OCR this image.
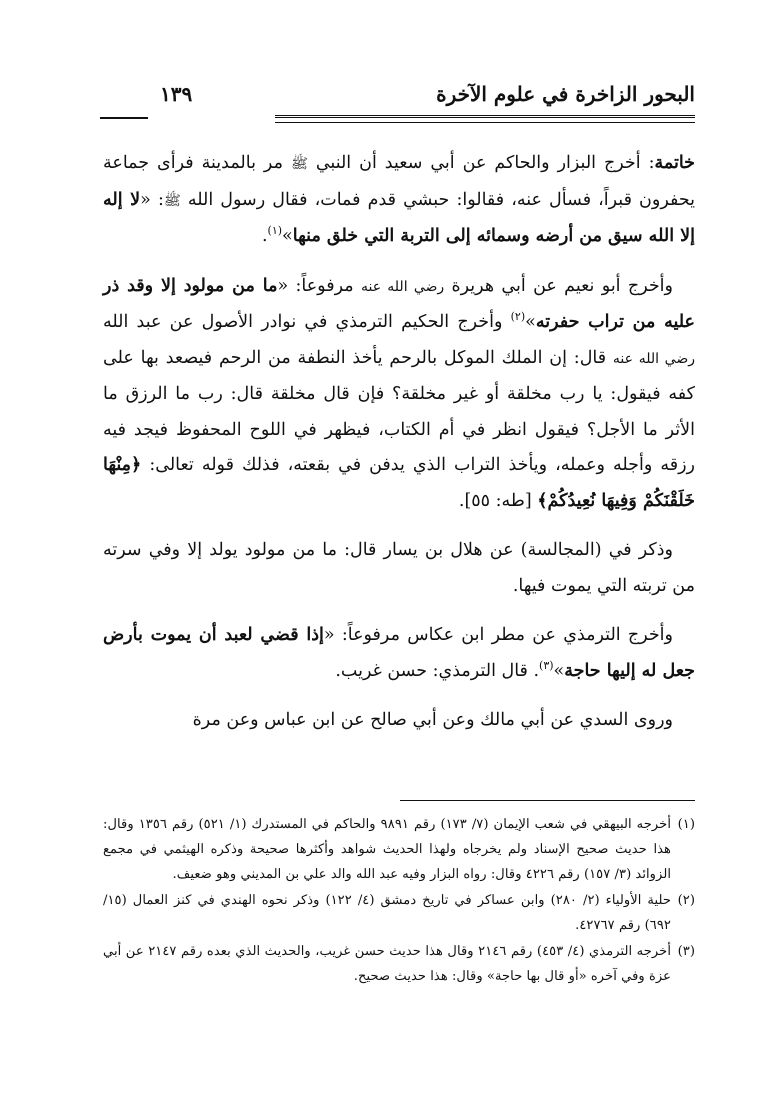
البحور الزاخرة في علوم الآخرة
١٣٩

خاتمة: أخرج البزار والحاكم عن أبي سعيد أن النبي ﷺ مر بالمدينة فرأى جماعة يحفرون قبراً، فسأل عنه، فقالوا: حبشي قدم فمات، فقال رسول الله ﷺ: «لا إله إلا الله سيق من أرضه وسمائه إلى التربة التي خلق منها»$^{(١)}$.

وأخرج أبو نعيم عن أبي هريرة رضي الله عنه مرفوعاً: «ما من مولود إلا وقد ذر عليه من تراب حفرته»$^{(٢)}$ وأخرج الحكيم الترمذي في نوادر الأصول عن عبد الله رضي الله عنه قال: إن الملك الموكل بالرحم يأخذ النطفة من الرحم فيصعد بها على كفه فيقول: يا رب مخلقة أو غير مخلقة؟ فإن قال مخلقة قال: رب ما الرزق ما الأثر ما الأجل؟ فيقول انظر في أم الكتاب، فيظهر في اللوح المحفوظ فيجد فيه رزقه وأجله وعمله، ويأخذ التراب الذي يدفن في بقعته، فذلك قوله تعالى: ﴿مِنْهَا خَلَقْنَكُمْ وَفِيهَا نُعِيدُكُمْ﴾ [طه: ٥٥].

وذكر في (المجالسة) عن هلال بن يسار قال: ما من مولود يولد إلا وفي سرته من تربته التي يموت فيها.

وأخرج الترمذي عن مطر ابن عكاس مرفوعاً: «إذا قضي لعبد أن يموت بأرض جعل له إليها حاجة»$^{(٣)}$. قال الترمذي: حسن غريب.

وروى السدي عن أبي مالك وعن أبي صالح عن ابن عباس وعن مرة

(١)
أخرجه البيهقي في شعب الإيمان (٧/ ١٧٣) رقم ٩٨٩١ والحاكم في المستدرك (١/ ٥٢١) رقم ١٣٥٦ وقال: هذا حديث صحيح الإسناد ولم يخرجاه ولهذا الحديث شواهد وأكثرها صحيحة وذكره الهيثمي في مجمع الزوائد (٣/ ١٥٧) رقم ٤٢٢٦ وقال: رواه البزار وفيه عبد الله والد علي بن المديني وهو ضعيف.
(٢)
حلية الأولياء (٢/ ٢٨٠) وابن عساكر في تاريخ دمشق (٤/ ١٢٢) وذكر نحوه الهندي في كنز العمال (١٥/ ٦٩٢) رقم ٤٢٧٦٧.
(٣)
أخرجه الترمذي (٤/ ٤٥٣) رقم ٢١٤٦ وقال هذا حديث حسن غريب، والحديث الذي بعده رقم ٢١٤٧ عن أبي عزة وفي آخره «أو قال بها حاجة» وقال: هذا حديث صحيح.
